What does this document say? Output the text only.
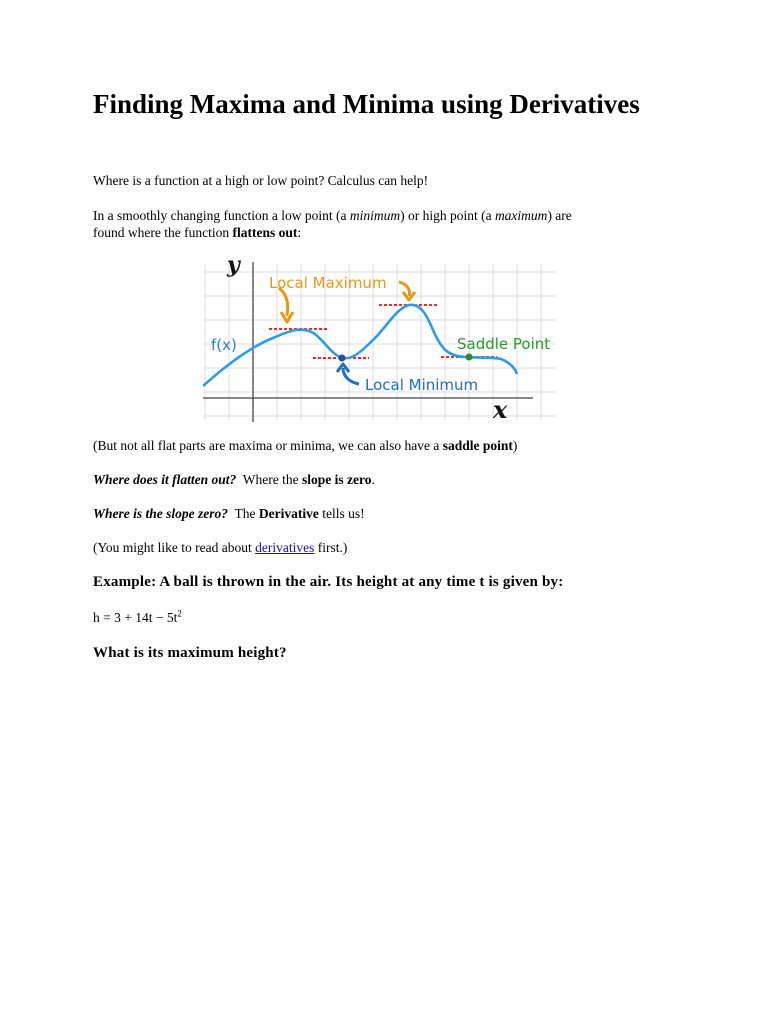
Finding Maxima and Minima using Derivatives

Where is a function at a high or low point? Calculus can help!

In a smoothly changing function a low point (a minimum) or high point (a maximum) are
found where the function flattens out:

y
x
f(x)
Local Maximum
Saddle Point
Local Minimum

(But not all flat parts are maxima or minima, we can also have a saddle point)

Where does it flatten out?  Where the slope is zero.

Where is the slope zero?  The Derivative tells us!

(You might like to read about derivatives first.)

Example: A ball is thrown in the air. Its height at any time t is given by:

$h = 3 + 14t - 5t^2$

What is its maximum height?
